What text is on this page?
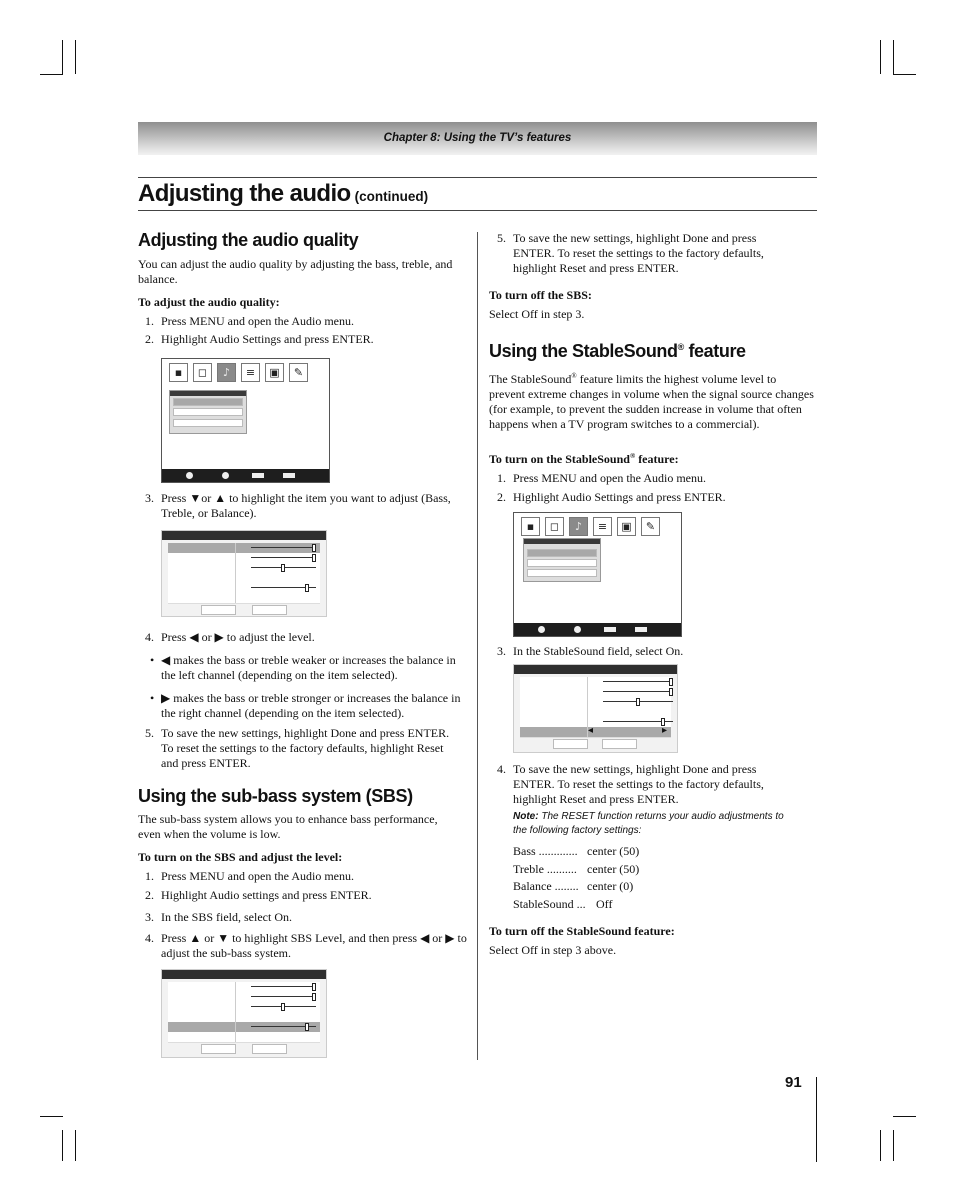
Chapter 8: Using the TV’s features
Adjusting the audio (continued)
Adjusting the audio quality

You can adjust the audio quality by adjusting the bass, treble, and balance.

To adjust the audio quality:

1. Press MENU and open the Audio menu.
2. Highlight Audio Settings and press ENTER.
▪	◻	♪	≡	▣	✎
3. Press ▼or ▲ to highlight the item you want to adjust (Bass, Treble, or Balance).

4. Press ◀ or ▶ to adjust the level.
• ◀ makes the bass or treble weaker or increases the balance in the left channel (depending on the item selected).

• ▶ makes the bass or treble stronger or increases the balance in the right channel (depending on the item selected).

5. To save the new settings, highlight Done and press ENTER. To reset the settings to the factory defaults, highlight Reset and press ENTER.

Using the sub-bass system (SBS)

The sub-bass system allows you to enhance bass performance, even when the volume is low.

To turn on the SBS and adjust the level:

1. Press MENU and open the Audio menu.
2. Highlight Audio settings and press ENTER.
3. In the SBS field, select On.
4. Press ▲ or ▼ to highlight SBS Level, and then press ◀ or ▶ to adjust the sub-bass system.

5. To save the new settings, highlight Done and press ENTER. To reset the settings to the factory defaults, highlight Reset and press ENTER.

To turn off the SBS:

Select Off in step 3.

Using the StableSound® feature

The StableSound® feature limits the highest volume level to prevent extreme changes in volume when the signal source changes (for example, to prevent the sudden increase in volume that often happens when a TV program switches to a commercial).

To turn on the StableSound® feature:

1. Press MENU and open the Audio menu.
2. Highlight Audio Settings and press ENTER.
▪	◻	♪	≡	▣	✎
3. In the StableSound field, select On.
◂	▸
4. To save the new settings, highlight Done and press ENTER. To reset the settings to the factory defaults, highlight Reset and press ENTER.

Note: The RESET function returns your audio adjustments to the following factory settings:
Bass ............. center (50)
Treble .......... center (50)
Balance ........ center (0)
StableSound ... Off

To turn off the StableSound feature:

Select Off in step 3 above.

91
